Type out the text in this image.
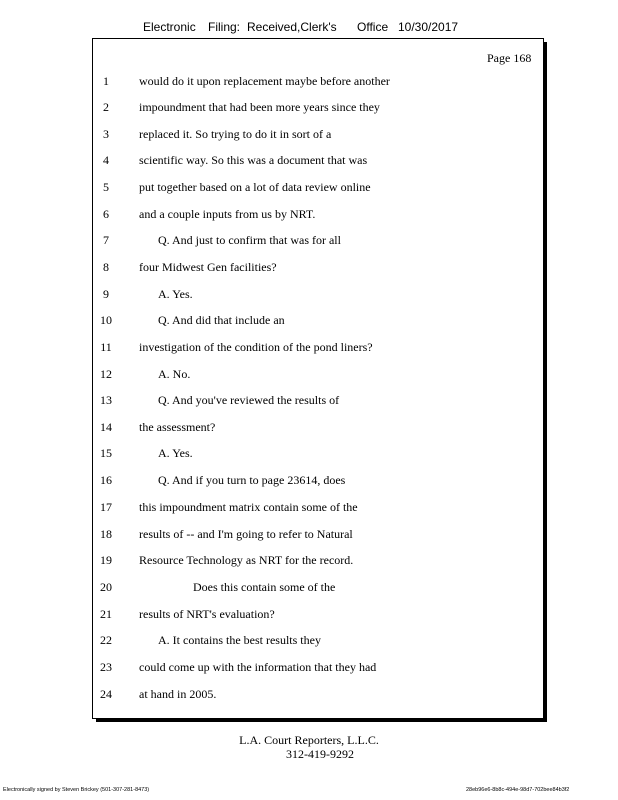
Electronic Filing: Received,Clerk's Office 10/30/2017
Page 168
1	would do it upon replacement maybe before another
2	impoundment that had been more years since they
3	replaced it. So trying to do it in sort of a
4	scientific way. So this was a document that was
5	put together based on a lot of data review online
6	and a couple inputs from us by NRT.
7	Q. And just to confirm that was for all
8	four Midwest Gen facilities?
9	A. Yes.
10	Q. And did that include an
11	investigation of the condition of the pond liners?
12	A. No.
13	Q. And you've reviewed the results of
14	the assessment?
15	A. Yes.
16	Q. And if you turn to page 23614, does
17	this impoundment matrix contain some of the
18	results of -- and I'm going to refer to Natural
19	Resource Technology as NRT for the record.
20	Does this contain some of the
21	results of NRT's evaluation?
22	A. It contains the best results they
23	could come up with the information that they had
24	at hand in 2005.
L.A. Court Reporters, L.L.C.
312-419-9292
Electronically signed by Steven Brickey (501-307-281-8473)	28eb96e6-8b8c-494e-98d7-702bee84b3f2
